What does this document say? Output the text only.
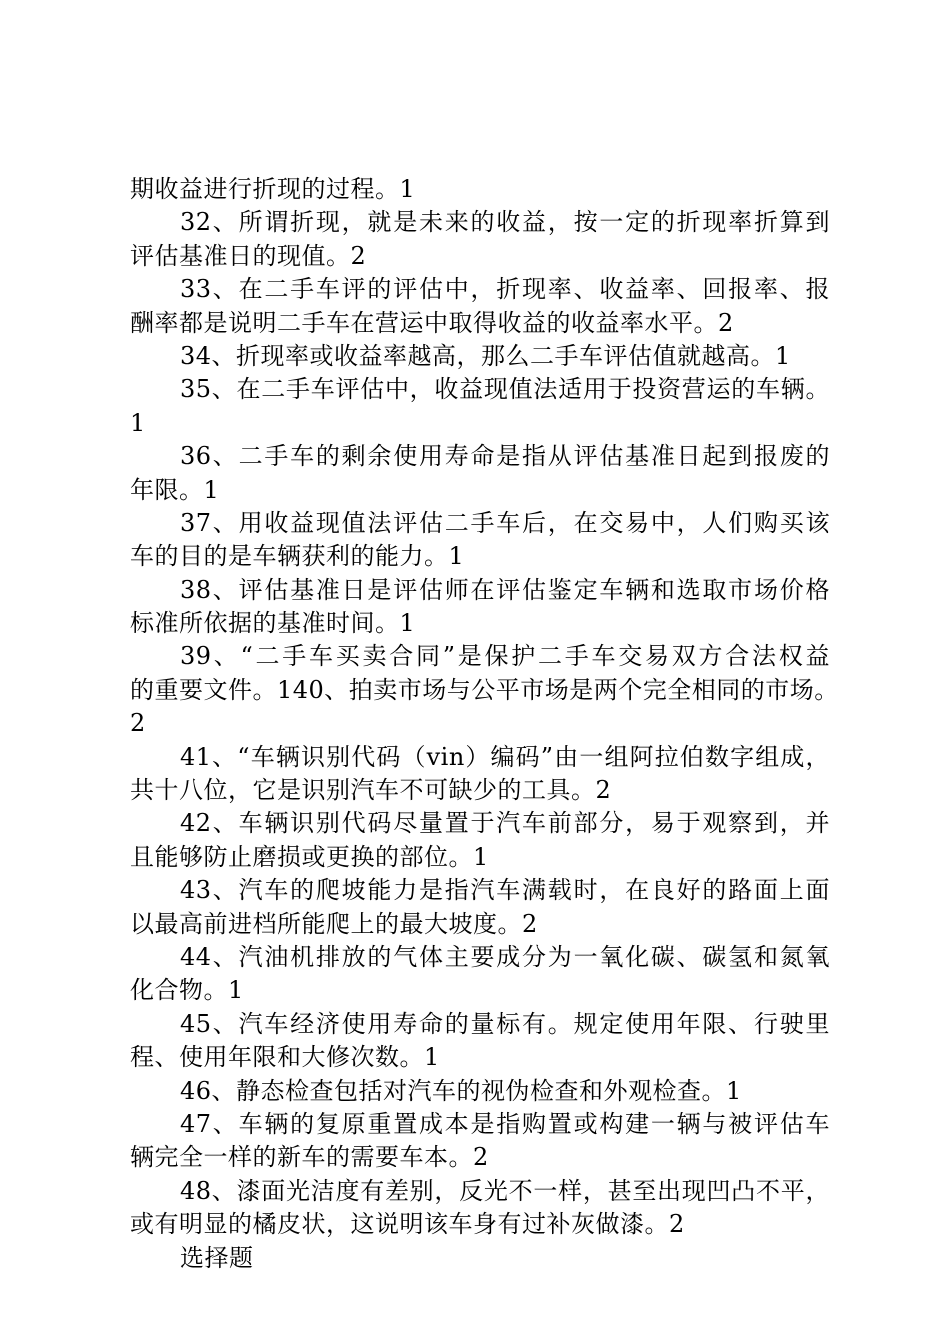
期收益进行折现的过程。1
32、所谓折现，就是未来的收益，按一定的折现率折算到
评估基准日的现值。2
33、在二手车评的评估中，折现率、收益率、回报率、报
酬率都是说明二手车在营运中取得收益的收益率水平。2
34、折现率或收益率越高，那么二手车评估值就越高。1
35、在二手车评估中，收益现值法适用于投资营运的车辆。
1
36、二手车的剩余使用寿命是指从评估基准日起到报废的
年限。1
37、用收益现值法评估二手车后，在交易中，人们购买该
车的目的是车辆获利的能力。1
38、评估基准日是评估师在评估鉴定车辆和选取市场价格
标准所依据的基准时间。1
39、“二手车买卖合同”是保护二手车交易双方合法权益
的重要文件。140、拍卖市场与公平市场是两个完全相同的市场。
2
41、“车辆识别代码（vin）编码”由一组阿拉伯数字组成，
共十八位，它是识别汽车不可缺少的工具。2
42、车辆识别代码尽量置于汽车前部分，易于观察到，并
且能够防止磨损或更换的部位。1
43、汽车的爬坡能力是指汽车满载时，在良好的路面上面
以最高前进档所能爬上的最大坡度。2
44、汽油机排放的气体主要成分为一氧化碳、碳氢和氮氧
化合物。1
45、汽车经济使用寿命的量标有。规定使用年限、行驶里
程、使用年限和大修次数。1
46、静态检查包括对汽车的视伪检查和外观检查。1
47、车辆的复原重置成本是指购置或构建一辆与被评估车
辆完全一样的新车的需要车本。2
48、漆面光洁度有差别，反光不一样，甚至出现凹凸不平，
或有明显的橘皮状，这说明该车身有过补灰做漆。2
选择题
